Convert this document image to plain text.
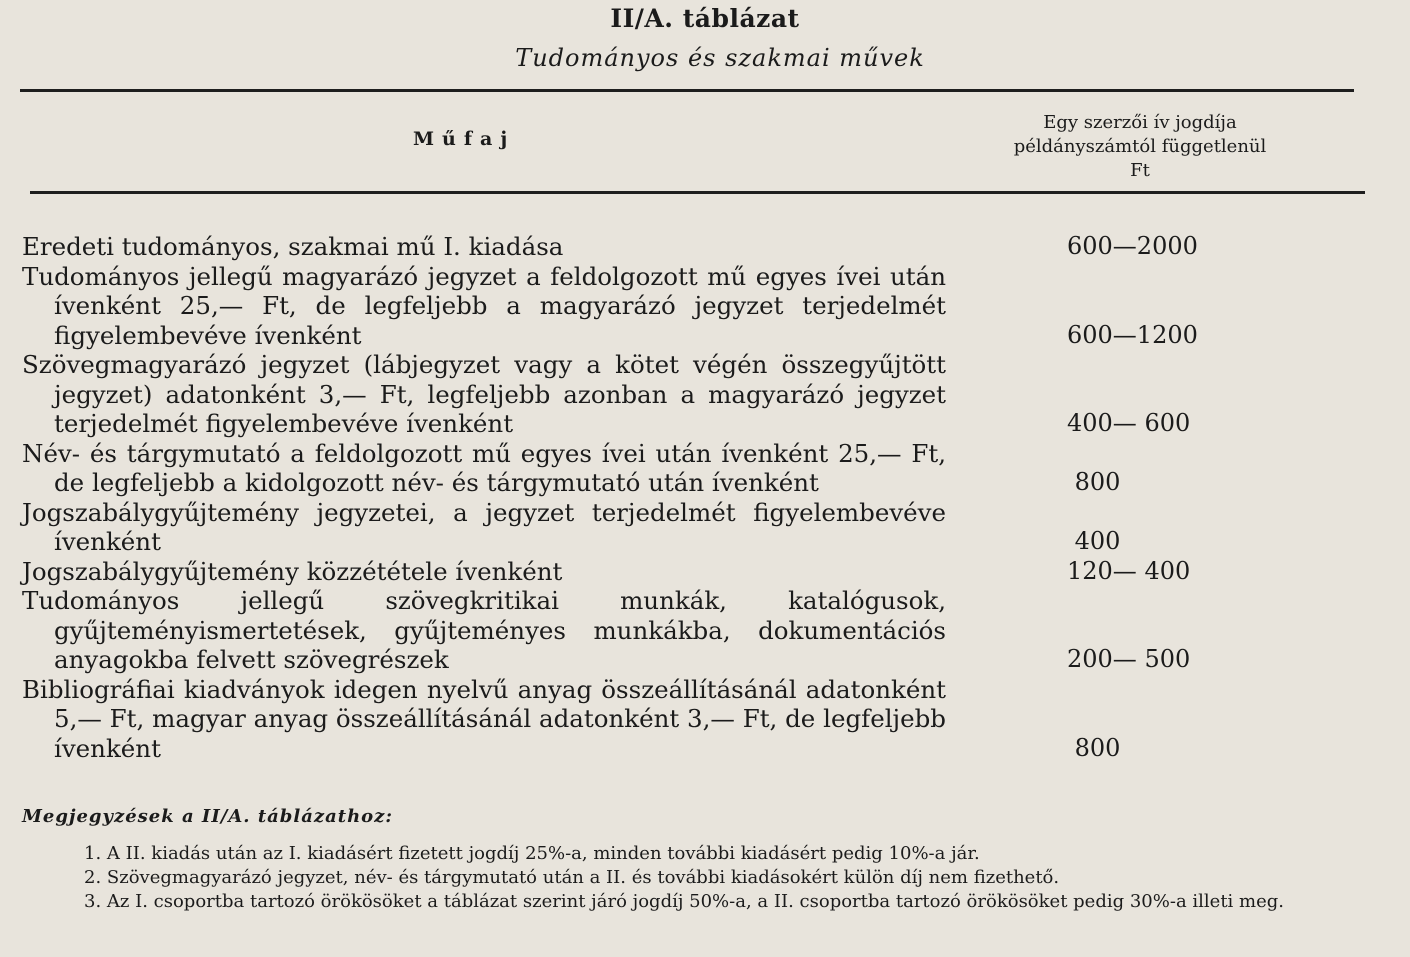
II/A. táblázat
Tudományos és szakmai művek
Műfaj
Egy szerzői ív jogdíja
példányszámtól függetlenül
Ft
Eredeti tudományos, szakmai mű I. kiadása	600—2000
Tudományos jellegű magyarázó jegyzet a feldolgozott mű egyes ívei után ívenként 25,— Ft, de legfeljebb a magyarázó jegyzet terjedelmét figyelembevéve ívenként	600—1200
Szövegmagyarázó jegyzet (lábjegyzet vagy a kötet végén összegyűjtött jegyzet) adatonként 3,— Ft, legfeljebb azonban a magyarázó jegyzet terjedelmét figyelembevéve ívenként	400— 600
Név- és tárgymutató a feldolgozott mű egyes ívei után ívenként 25,— Ft, de legfeljebb a kidolgozott név- és tárgymutató után ívenként	800
Jogszabálygyűjtemény jegyzetei, a jegyzet terjedelmét figyelembevéve ívenként	400
Jogszabálygyűjtemény közzététele ívenként	120— 400
Tudományos jellegű szövegkritikai munkák, katalógusok, gyűjteményismertetések, gyűjteményes munkákba, dokumentációs anyagokba felvett szövegrészek	200— 500
Bibliográfiai kiadványok idegen nyelvű anyag összeállításánál adatonként 5,— Ft, magyar anyag összeállításánál adatonként 3,— Ft, de legfeljebb ívenként	800
Megjegyzések a II/A. táblázathoz:
1. A II. kiadás után az I. kiadásért fizetett jogdíj 25%-a, minden további kiadásért pedig 10%-a jár.
2. Szövegmagyarázó jegyzet, név- és tárgymutató után a II. és további kiadásokért külön díj nem fizethető.
3. Az I. csoportba tartozó örökösöket a táblázat szerint járó jogdíj 50%-a, a II. csoportba tartozó örökösöket pedig 30%-a illeti meg.
